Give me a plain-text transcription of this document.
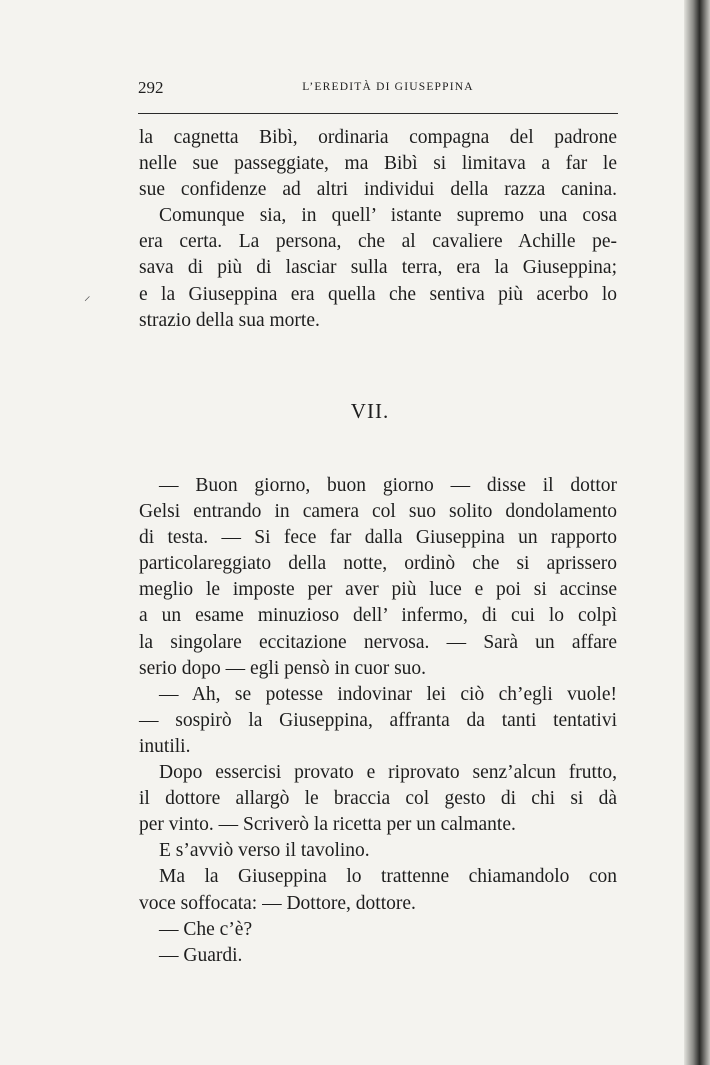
292	L’EREDITÀ DI GIUSEPPINA
⸝

la cagnetta Bibì, ordinaria compagna del padrone

nelle sue passeggiate, ma Bibì si limitava a far le

sue confidenze ad altri individui della razza canina.

Comunque sia, in quell’ istante supremo una cosa

era certa. La persona, che al cavaliere Achille pe-

sava di più di lasciar sulla terra, era la Giuseppina;

e la Giuseppina era quella che sentiva più acerbo lo

strazio della sua morte.

VII.

— Buon giorno, buon giorno — disse il dottor

Gelsi entrando in camera col suo solito dondolamento

di testa. — Si fece far dalla Giuseppina un rapporto

particolareggiato della notte, ordinò che si aprissero

meglio le imposte per aver più luce e poi si accinse

a un esame minuzioso dell’ infermo, di cui lo colpì

la singolare eccitazione nervosa. — Sarà un affare

serio dopo — egli pensò in cuor suo.

— Ah, se potesse indovinar lei ciò ch’egli vuole!

— sospirò la Giuseppina, affranta da tanti tentativi

inutili.

Dopo essercisi provato e riprovato senz’alcun frutto,

il dottore allargò le braccia col gesto di chi si dà

per vinto. — Scriverò la ricetta per un calmante.

E s’avviò verso il tavolino.

Ma la Giuseppina lo trattenne chiamandolo con

voce soffocata: — Dottore, dottore.

— Che c’è?

— Guardi.
